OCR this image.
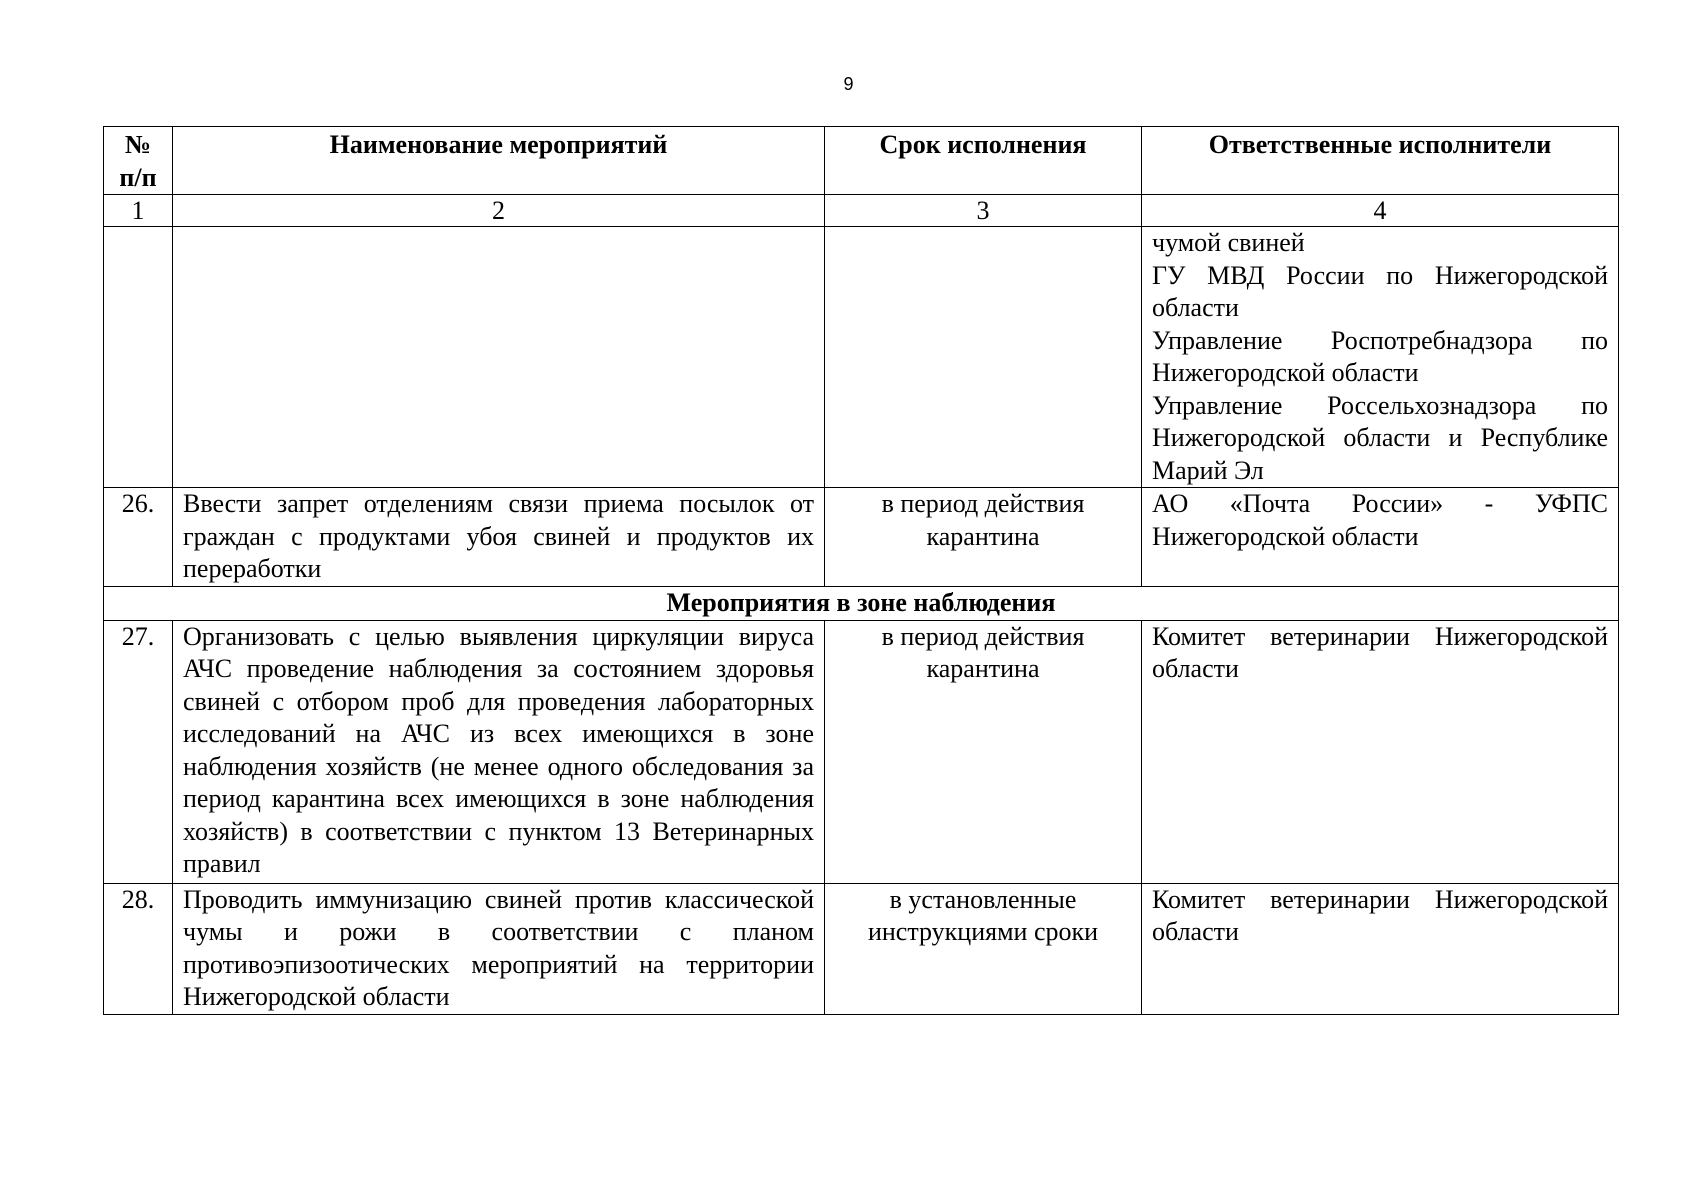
9
№ п/п	Наименование мероприятий	Срок исполнения	Ответственные исполнители
1	2	3	4

			чумой свиней
ГУ МВД России по Нижегородской области
Управление Роспотребнадзора по Нижегородской области
Управление Россельхознадзора по Нижегородской области и Республике Марий Эл

26.	Ввести запрет отделениям связи приема посылок от граждан с продуктами убоя свиней и продуктов их переработки	в период действия карантина	АО «Почта России» - УФПС Нижегородской области
Мероприятия в зоне наблюдения			
27.	Организовать с целью выявления циркуляции вируса АЧС проведение наблюдения за состоянием здоровья свиней с отбором проб для проведения лабораторных исследований на АЧС из всех имеющихся в зоне наблюдения хозяйств (не менее одного обследования за период карантина всех имеющихся в зоне наблюдения хозяйств) в соответствии с пунктом 13 Ветеринарных правил	в период действия карантина	Комитет ветеринарии Нижегородской области
28.	Проводить иммунизацию свиней против классической чумы и рожи в соответствии с планом противоэпизоотических мероприятий на территории Нижегородской области	в установленные инструкциями сроки	Комитет ветеринарии Нижегородской области
